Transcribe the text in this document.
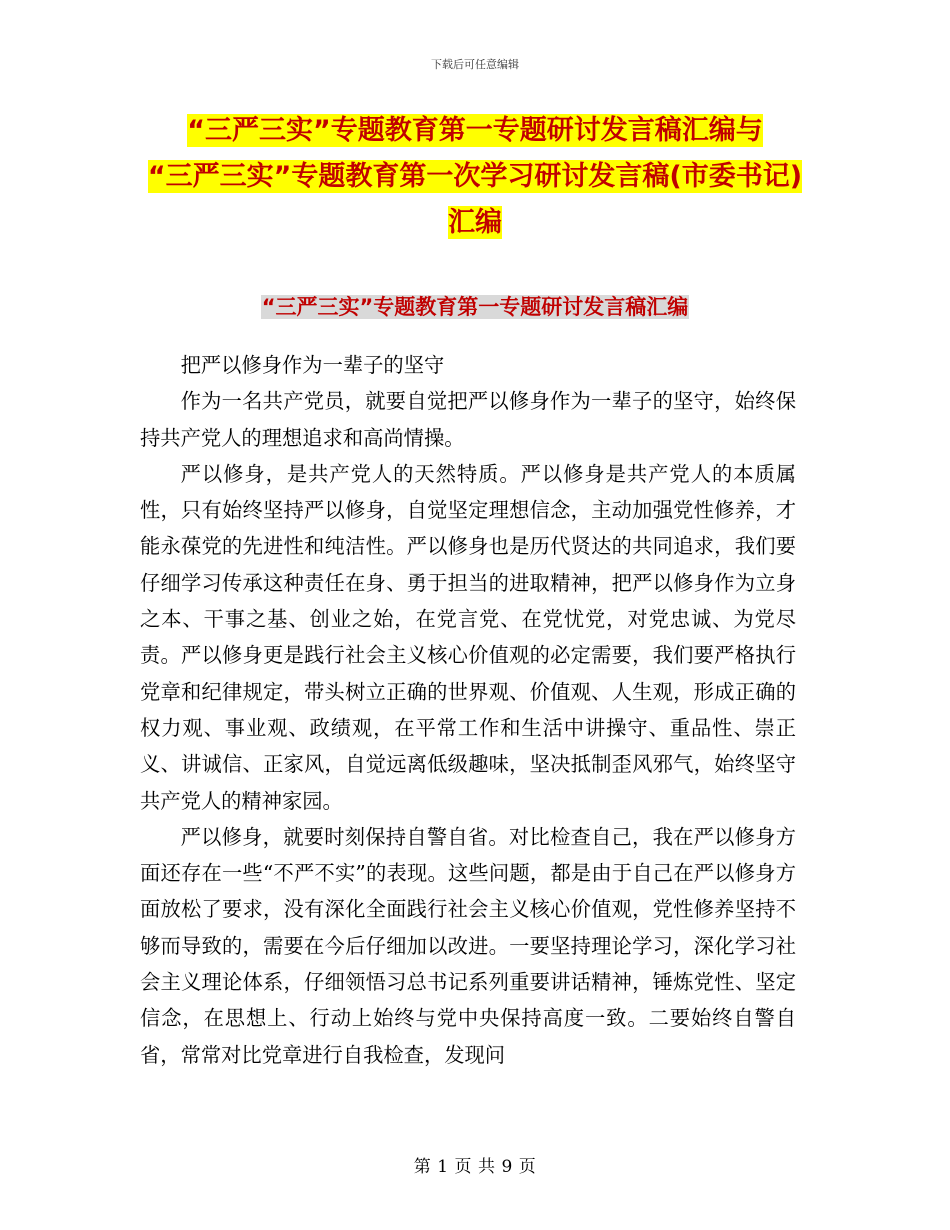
下载后可任意编辑
“三严三实”专题教育第一专题研讨发言稿汇编与
“三严三实”专题教育第一次学习研讨发言稿(市委书记)
汇编
“三严三实”专题教育第一专题研讨发言稿汇编

把严以修身作为一辈子的坚守

作为一名共产党员，就要自觉把严以修身作为一辈子的坚守，始终保持共产党人的理想追求和高尚情操。

严以修身，是共产党人的天然特质。严以修身是共产党人的本质属性，只有始终坚持严以修身，自觉坚定理想信念，主动加强党性修养，才能永葆党的先进性和纯洁性。严以修身也是历代贤达的共同追求，我们要仔细学习传承这种责任在身、勇于担当的进取精神，把严以修身作为立身之本、干事之基、创业之始，在党言党、在党忧党，对党忠诚、为党尽责。严以修身更是践行社会主义核心价值观的必定需要，我们要严格执行党章和纪律规定，带头树立正确的世界观、价值观、人生观，形成正确的权力观、事业观、政绩观，在平常工作和生活中讲操守、重品性、崇正义、讲诚信、正家风，自觉远离低级趣味，坚决抵制歪风邪气，始终坚守共产党人的精神家园。

严以修身，就要时刻保持自警自省。对比检查自己，我在严以修身方面还存在一些“不严不实”的表现。这些问题，都是由于自己在严以修身方面放松了要求，没有深化全面践行社会主义核心价值观，党性修养坚持不够而导致的，需要在今后仔细加以改进。一要坚持理论学习，深化学习社会主义理论体系，仔细领悟习总书记系列重要讲话精神，锤炼党性、坚定信念，在思想上、行动上始终与党中央保持高度一致。二要始终自警自省，常常对比党章进行自我检查，发现问

第 1 页 共 9 页
